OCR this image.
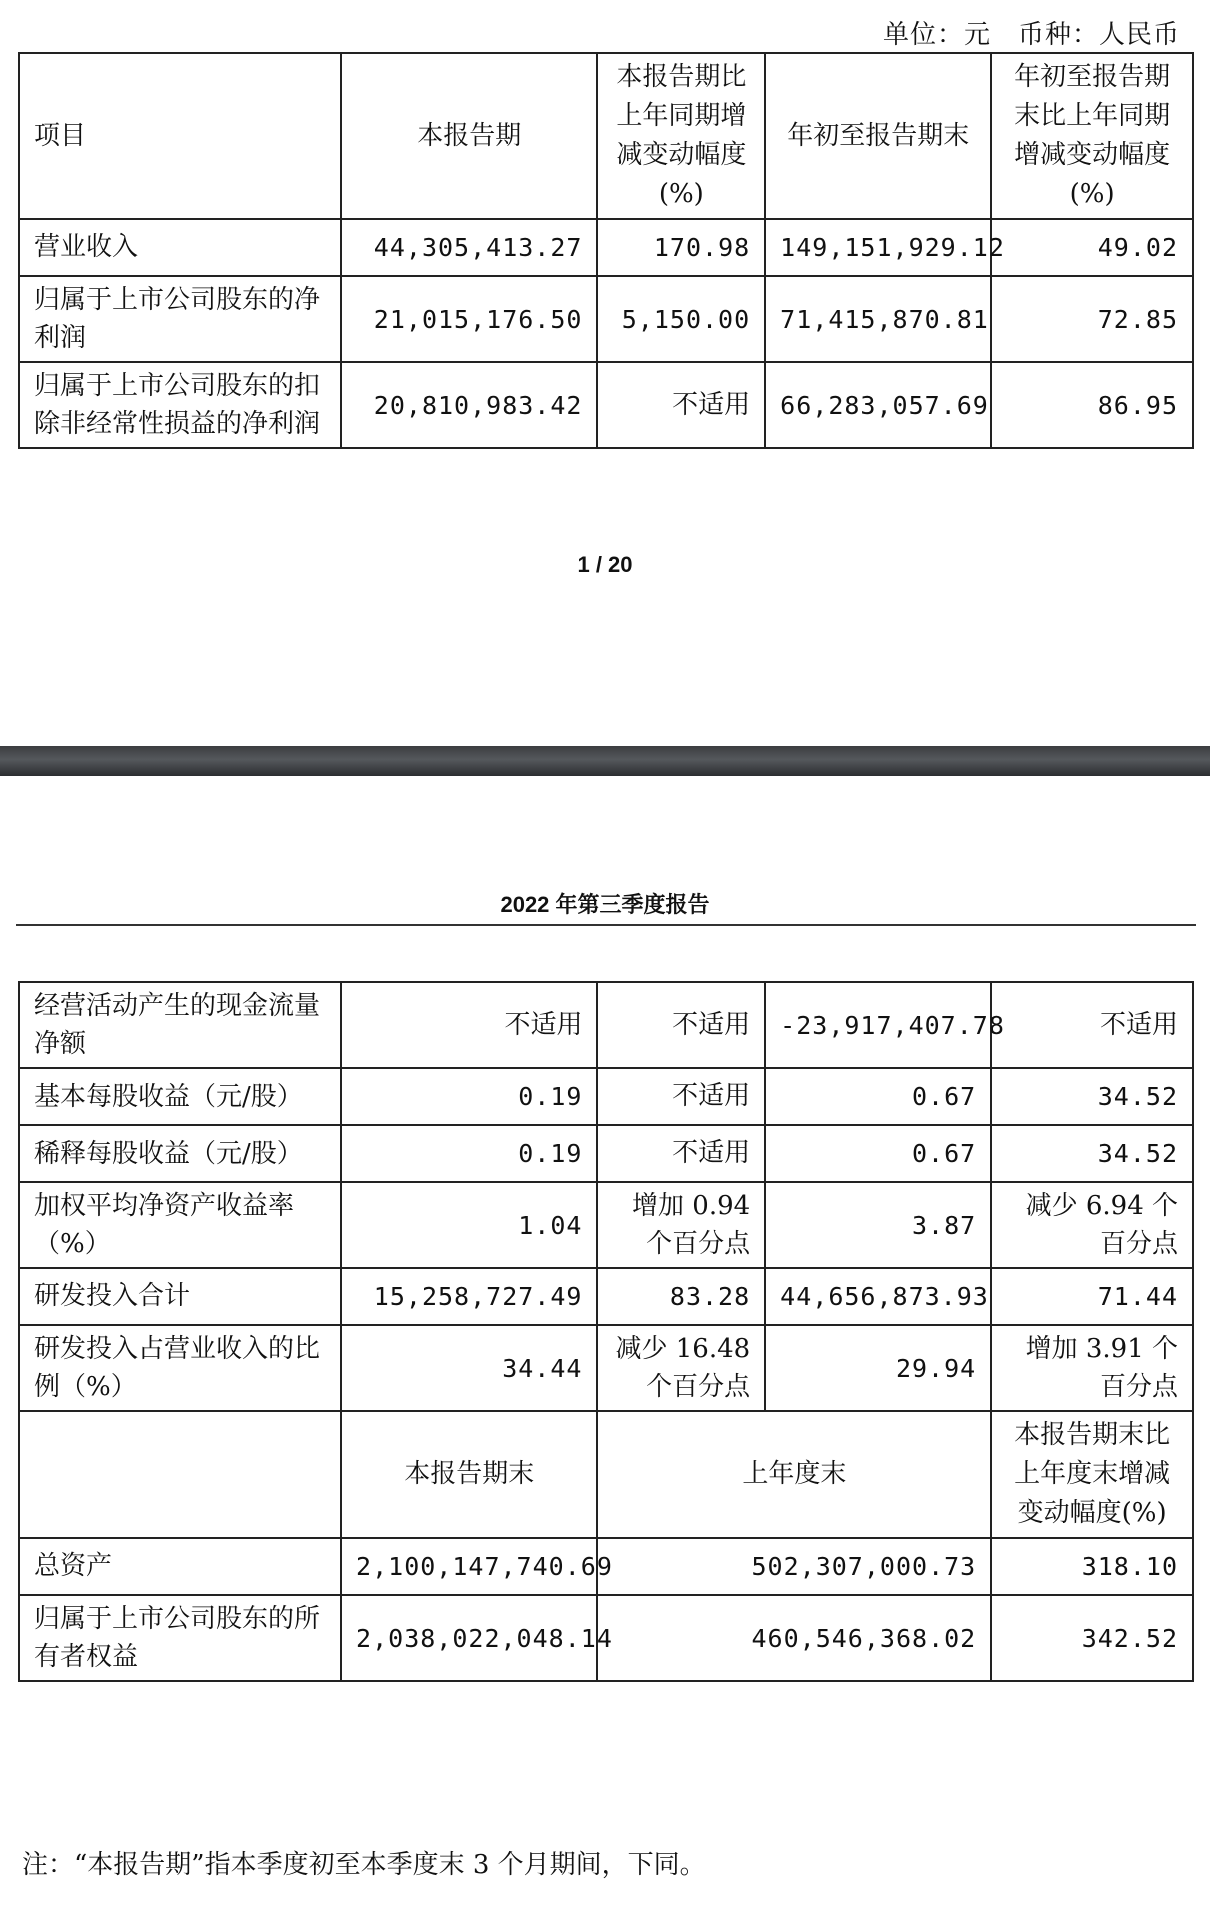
单位：元　币种：人民币
项目	本报告期	本报告期比上年同期增减变动幅度(%)	年初至报告期末	年初至报告期末比上年同期增减变动幅度(%)
营业收入	44,305,413.27	170.98	149,151,929.12	49.02
归属于上市公司股东的净利润	21,015,176.50	5,150.00	71,415,870.81	72.85
归属于上市公司股东的扣除非经常性损益的净利润	20,810,983.42	不适用	66,283,057.69	86.95
1 / 20
2022 年第三季度报告
经营活动产生的现金流量净额	不适用	不适用	-23,917,407.78	不适用
基本每股收益（元/股）	0.19	不适用	0.67	34.52
稀释每股收益（元/股）	0.19	不适用	0.67	34.52
加权平均净资产收益率（%）	1.04	增加 0.94 个百分点	3.87	减少 6.94 个百分点
研发投入合计	15,258,727.49	83.28	44,656,873.93	71.44
研发投入占营业收入的比例（%）	34.44	减少 16.48 个百分点	29.94	增加 3.91 个百分点
	本报告期末	上年度末		本报告期末比上年度末增减变动幅度(%)
总资产	2,100,147,740.69	502,307,000.73		318.10
归属于上市公司股东的所有者权益	2,038,022,048.14	460,546,368.02		342.52
注：“本报告期”指本季度初至本季度末 3 个月期间，下同。
